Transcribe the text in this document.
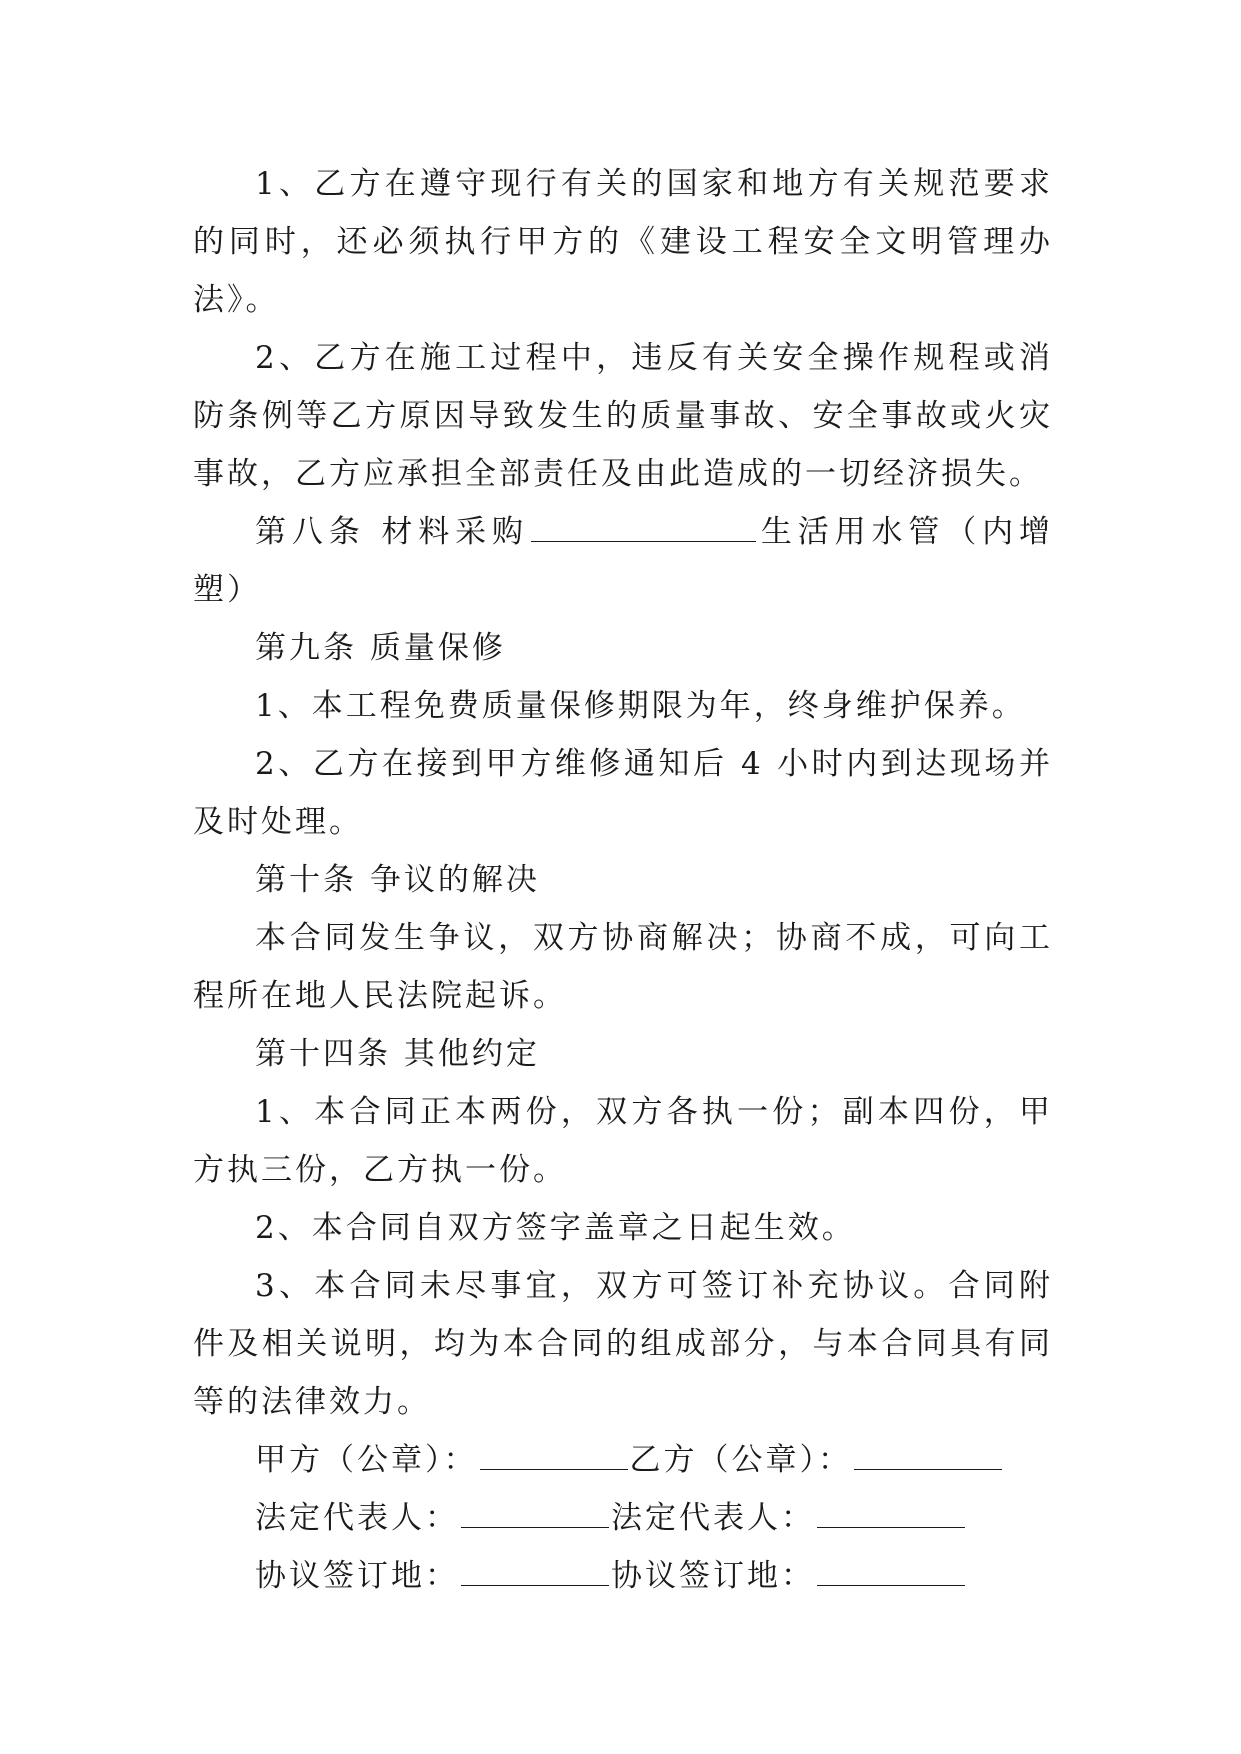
1、乙方在遵守现行有关的国家和地方有关规范要求的同时，还必须执行甲方的《建设工程安全文明管理办法》。

2、乙方在施工过程中，违反有关安全操作规程或消防条例等乙方原因导致发生的质量事故、安全事故或火灾事故，乙方应承担全部责任及由此造成的一切经济损失。

第八条 材料采购	生活用水管（内增塑）

第九条 质量保修

1、本工程免费质量保修期限为年，终身维护保养。

2、乙方在接到甲方维修通知后 4 小时内到达现场并及时处理。

第十条 争议的解决

本合同发生争议，双方协商解决；协商不成，可向工程所在地人民法院起诉。

第十四条 其他约定

1、本合同正本两份，双方各执一份；副本四份，甲方执三份，乙方执一份。

2、本合同自双方签字盖章之日起生效。

3、本合同未尽事宜，双方可签订补充协议。合同附件及相关说明，均为本合同的组成部分，与本合同具有同等的法律效力。

甲方（公章）：	乙方（公章）：

法定代表人：	法定代表人：

协议签订地：	协议签订地：
